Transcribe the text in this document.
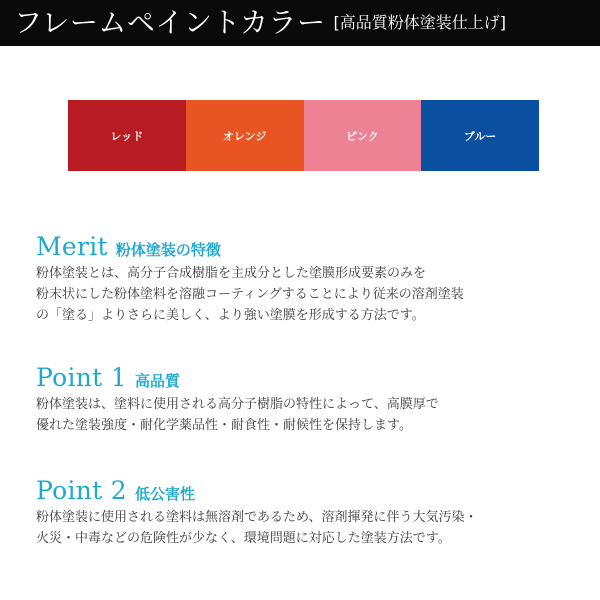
フレームペイントカラー [高品質粉体塗装仕上げ]
レッド	オレンジ	ピンク	ブルー
Merit 粉体塗装の特徴

粉体塗装とは、高分子合成樹脂を主成分とした塗膜形成要素のみを

粉末状にした粉体塗料を溶融コーティングすることにより従来の溶剤塗装

の「塗る」よりさらに美しく、より強い塗膜を形成する方法です。

Point 1 高品質

粉体塗装は、塗料に使用される高分子樹脂の特性によって、高膜厚で

優れた塗装強度・耐化学薬品性・耐食性・耐候性を保持します。

Point 2 低公害性

粉体塗装に使用される塗料は無溶剤であるため、溶剤揮発に伴う大気汚染・

火災・中毒などの危険性が少なく、環境問題に対応した塗装方法です。
